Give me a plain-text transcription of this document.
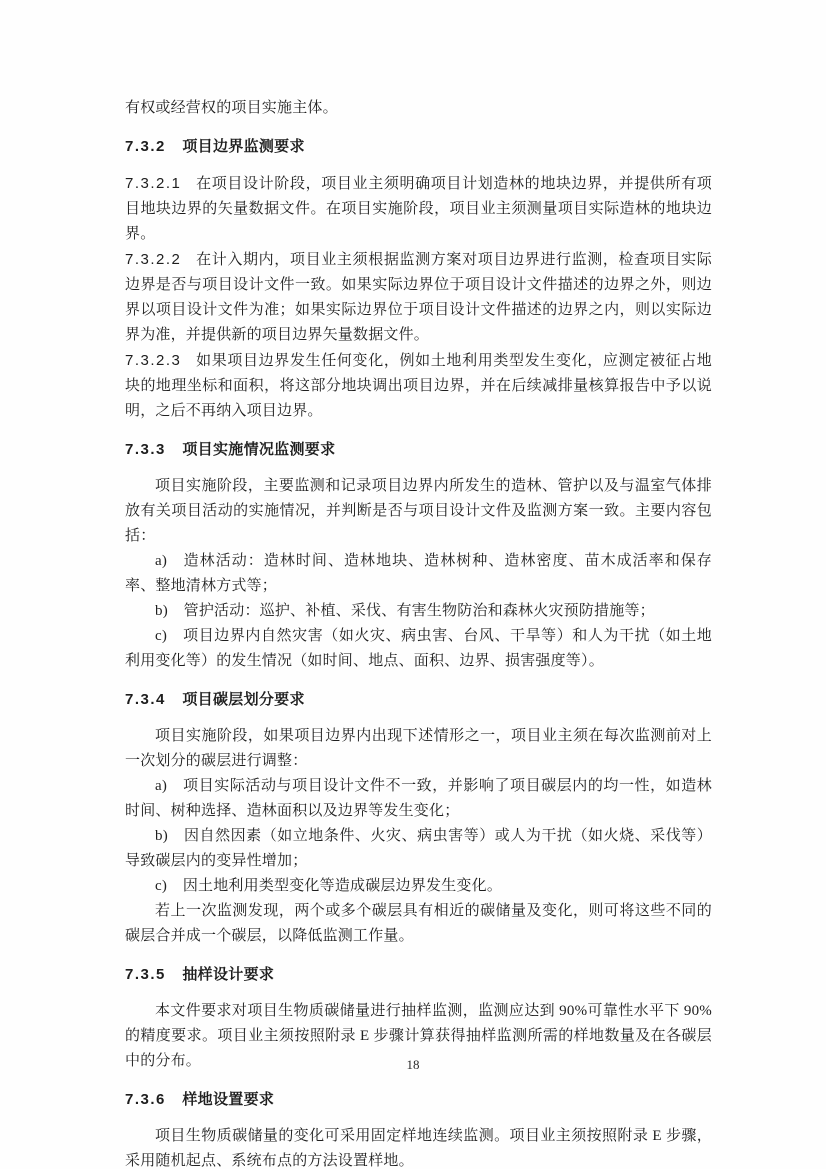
有权或经营权的项目实施主体。

7.3.2 项目边界监测要求

7.3.2.1 在项目设计阶段，项目业主须明确项目计划造林的地块边界，并提供所有项目地块边界的矢量数据文件。在项目实施阶段，项目业主须测量项目实际造林的地块边界。

7.3.2.2 在计入期内，项目业主须根据监测方案对项目边界进行监测，检查项目实际边界是否与项目设计文件一致。如果实际边界位于项目设计文件描述的边界之外，则边界以项目设计文件为准；如果实际边界位于项目设计文件描述的边界之内，则以实际边界为准，并提供新的项目边界矢量数据文件。

7.3.2.3 如果项目边界发生任何变化，例如土地利用类型发生变化，应测定被征占地块的地理坐标和面积，将这部分地块调出项目边界，并在后续减排量核算报告中予以说明，之后不再纳入项目边界。

7.3.3 项目实施情况监测要求

项目实施阶段，主要监测和记录项目边界内所发生的造林、管护以及与温室气体排放有关项目活动的实施情况，并判断是否与项目设计文件及监测方案一致。主要内容包括：

a) 造林活动：造林时间、造林地块、造林树种、造林密度、苗木成活率和保存率、整地清林方式等；

b) 管护活动：巡护、补植、采伐、有害生物防治和森林火灾预防措施等；

c) 项目边界内自然灾害（如火灾、病虫害、台风、干旱等）和人为干扰（如土地利用变化等）的发生情况（如时间、地点、面积、边界、损害强度等）。

7.3.4 项目碳层划分要求

项目实施阶段，如果项目边界内出现下述情形之一，项目业主须在每次监测前对上一次划分的碳层进行调整：

a) 项目实际活动与项目设计文件不一致，并影响了项目碳层内的均一性，如造林时间、树种选择、造林面积以及边界等发生变化；

b) 因自然因素（如立地条件、火灾、病虫害等）或人为干扰（如火烧、采伐等）导致碳层内的变异性增加；

c) 因土地利用类型变化等造成碳层边界发生变化。

若上一次监测发现，两个或多个碳层具有相近的碳储量及变化，则可将这些不同的碳层合并成一个碳层，以降低监测工作量。

7.3.5 抽样设计要求

本文件要求对项目生物质碳储量进行抽样监测，监测应达到 90%可靠性水平下 90%的精度要求。项目业主须按照附录 E 步骤计算获得抽样监测所需的样地数量及在各碳层中的分布。

7.3.6 样地设置要求

项目生物质碳储量的变化可采用固定样地连续监测。项目业主须按照附录 E 步骤，采用随机起点、系统布点的方法设置样地。

18
